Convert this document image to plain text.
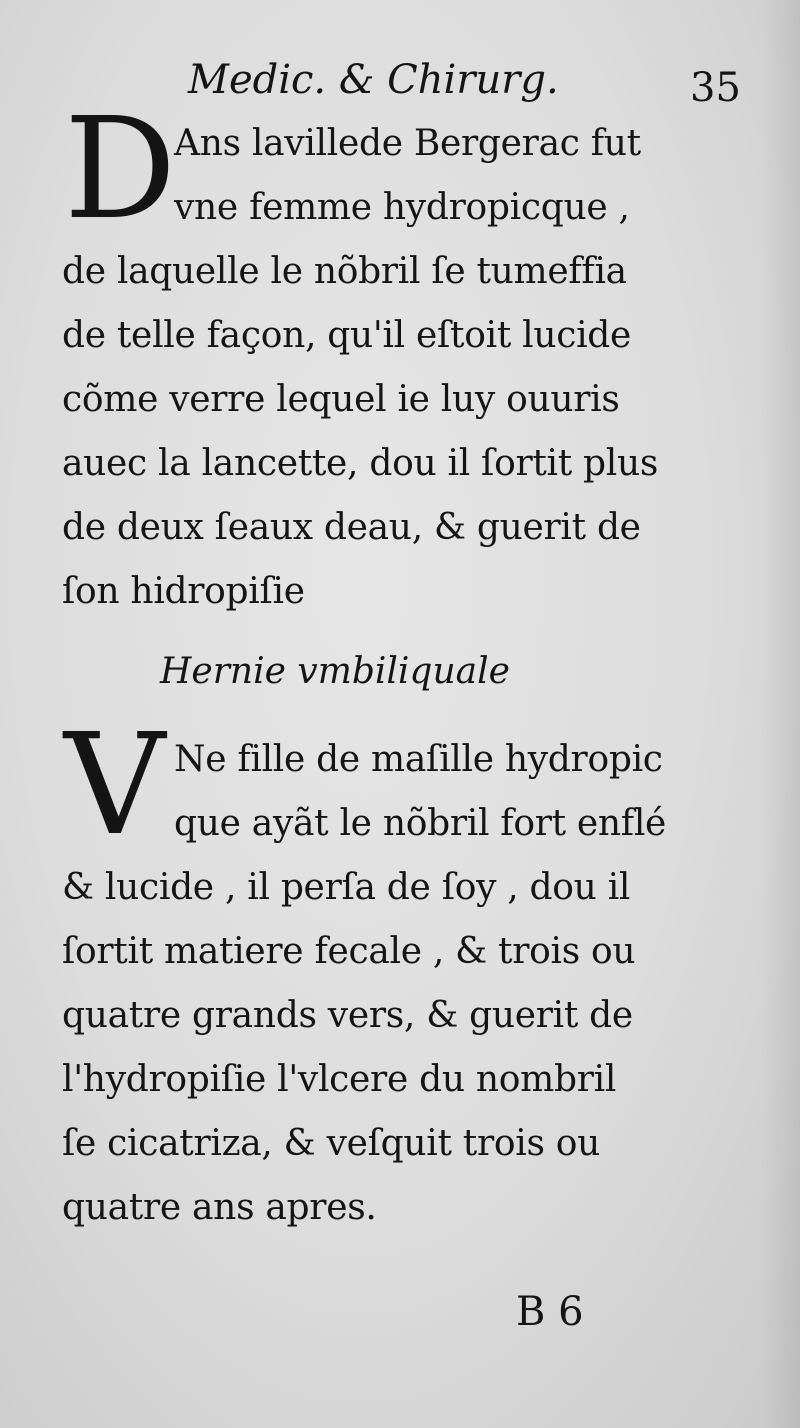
Medic. & Chirurg.	35
D
Ans lavillede Bergerac fut
vne femme hydropicque ,
de laquelle le nõbril ſe tumeffia
de telle façon, qu'il eſtoit lucide
cõme verre lequel ie luy ouuris
auec la lancette, dou il ſortit plus
de deux ſeaux deau, & guerit de
ſon hidropiſie
Hernie vmbiliquale
V Ne fille de maſille hydropic
que ayãt le nõbril fort enflé
& lucide , il perſa de ſoy , dou il
ſortit matiere fecale , & trois ou
quatre grands vers, & guerit de
l'hydropiſie l'vlcere du nombril
ſe cicatriza, & veſquit trois ou
quatre ans apres.
B 6
